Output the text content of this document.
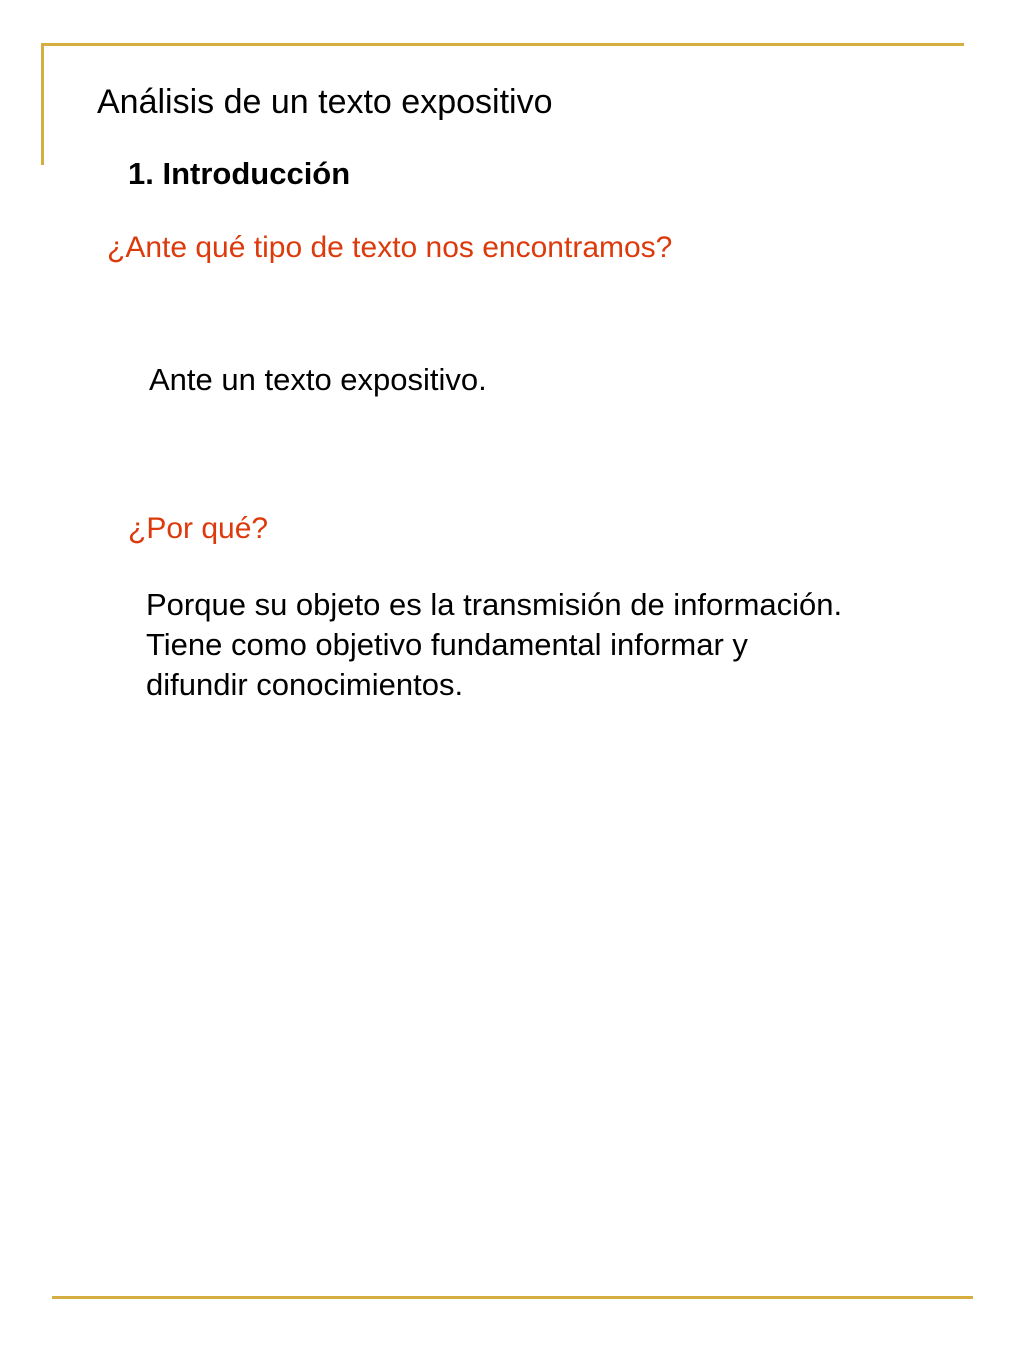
Análisis de un texto expositivo
1. Introducción
¿Ante qué tipo de texto nos encontramos?
Ante un texto expositivo.
¿Por qué?
Porque su objeto es la transmisión de información.
Tiene como objetivo fundamental informar y
difundir conocimientos.
